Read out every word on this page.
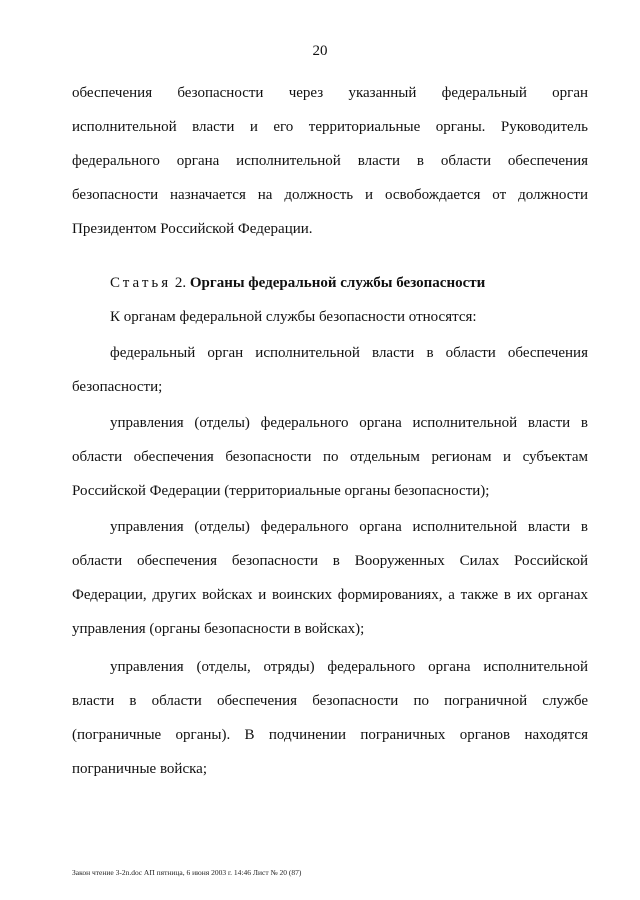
20

обеспечения безопасности через указанный федеральный орган исполнительной власти и его территориальные органы. Руководитель федерального органа исполнительной власти в области обеспечения безопасности назначается на должность и освобождается от должности Президентом Российской Федерации.

Статья 2. Органы федеральной службы безопасности

К органам федеральной службы безопасности относятся:

федеральный орган исполнительной власти в области обеспечения безопасности;

управления (отделы) федерального органа исполнительной власти в области обеспечения безопасности по отдельным регионам и субъектам Российской Федерации (территориальные органы безопасности);

управления (отделы) федерального органа исполнительной власти в области обеспечения безопасности в Вооруженных Силах Российской Федерации, других войсках и воинских формированиях, а также в их органах управления (органы безопасности в войсках);

управления (отделы, отряды) федерального органа исполнительной власти в области обеспечения безопасности по пограничной службе (пограничные органы). В подчинении пограничных органов находятся пограничные войска;

Закон чтение 3-2n.doc АП пятница, 6 июня 2003 г. 14:46 Лист № 20 (87)
